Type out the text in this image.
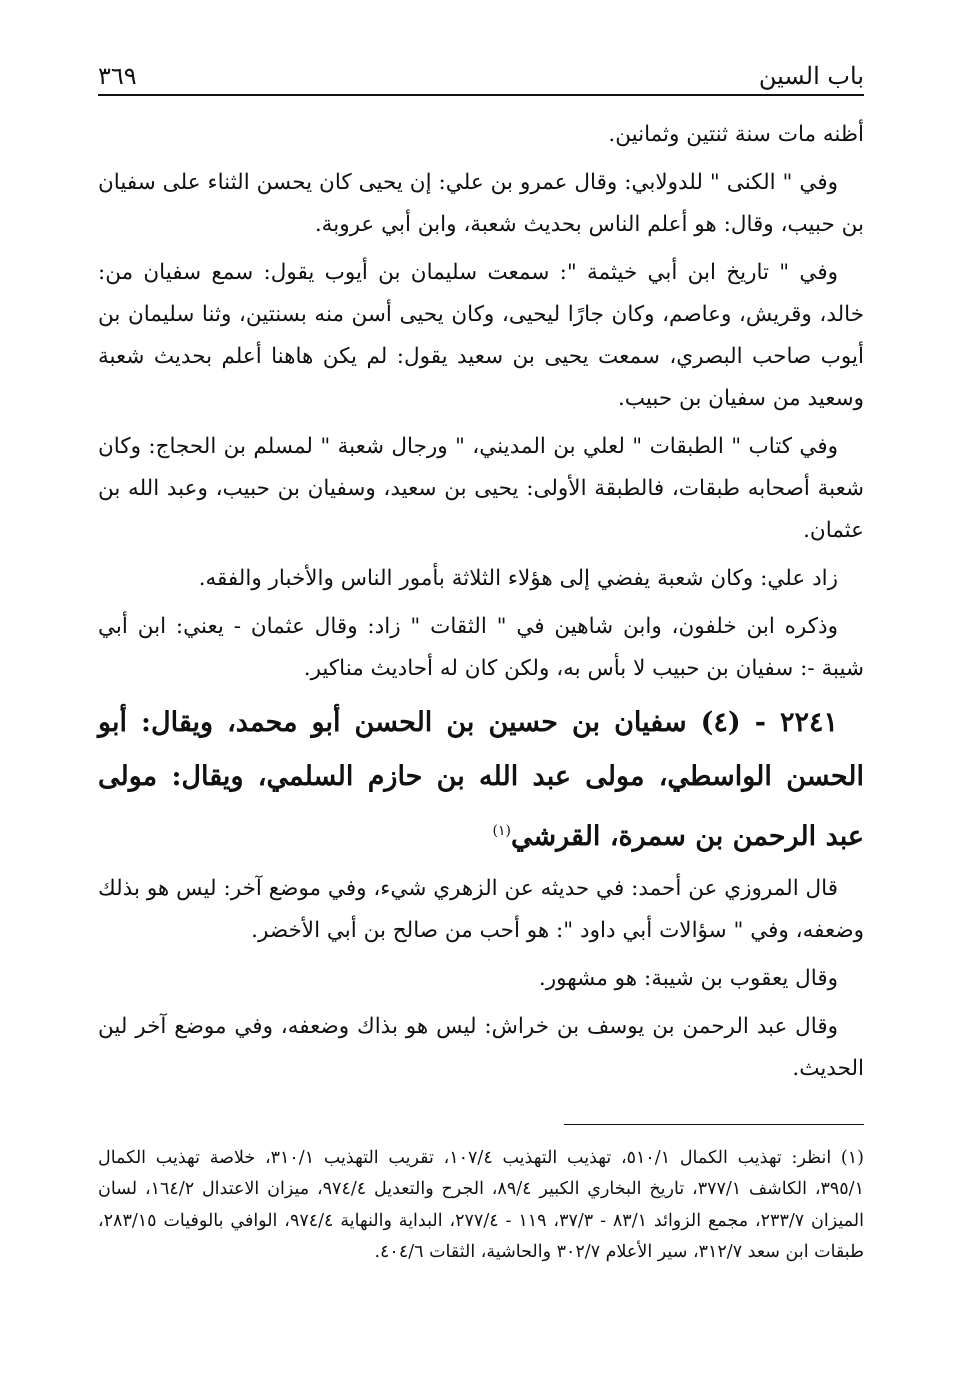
باب السين
٣٦٩

أظنه مات سنة ثنتين وثمانين.

وفي " الكنى " للدولابي: وقال عمرو بن علي: إن يحيى كان يحسن الثناء على سفيان بن حبيب، وقال: هو أعلم الناس بحديث شعبة، وابن أبي عروبة.

وفي " تاريخ ابن أبي خيثمة ": سمعت سليمان بن أيوب يقول: سمع سفيان من: خالد، وقريش، وعاصم، وكان جارًا ليحيى، وكان يحيى أسن منه بسنتين، وثنا سليمان بن أيوب صاحب البصري، سمعت يحيى بن سعيد يقول: لم يكن هاهنا أعلم بحديث شعبة وسعيد من سفيان بن حبيب.

وفي كتاب " الطبقات " لعلي بن المديني، " ورجال شعبة " لمسلم بن الحجاج: وكان شعبة أصحابه طبقات، فالطبقة الأولى: يحيى بن سعيد، وسفيان بن حبيب، وعبد الله بن عثمان.

زاد علي: وكان شعبة يفضي إلى هؤلاء الثلاثة بأمور الناس والأخبار والفقه.

وذكره ابن خلفون، وابن شاهين في " الثقات " زاد: وقال عثمان - يعني: ابن أبي شيبة -: سفيان بن حبيب لا بأس به، ولكن كان له أحاديث مناكير.

٢٢٤١ - (٤) سفيان بن حسين بن الحسن أبو محمد، ويقال: أبو الحسن الواسطي، مولى عبد الله بن حازم السلمي، ويقال: مولى عبد الرحمن بن سمرة، القرشي$^{(١)}$

قال المروزي عن أحمد: في حديثه عن الزهري شيء، وفي موضع آخر: ليس هو بذلك وضعفه، وفي " سؤالات أبي داود ": هو أحب من صالح بن أبي الأخضر.

وقال يعقوب بن شيبة: هو مشهور.

وقال عبد الرحمن بن يوسف بن خراش: ليس هو بذاك وضعفه، وفي موضع آخر لين الحديث.

(١) انظر: تهذيب الكمال ٥١٠/١، تهذيب التهذيب ١٠٧/٤، تقريب التهذيب ٣١٠/١، خلاصة تهذيب الكمال ٣٩٥/١، الكاشف ٣٧٧/١، تاريخ البخاري الكبير ٨٩/٤، الجرح والتعديل ٩٧٤/٤، ميزان الاعتدال ١٦٤/٢، لسان الميزان ٢٣٣/٧، مجمع الزوائد ٨٣/١ - ٣٧/٣، ١١٩ - ٢٧٧/٤، البداية والنهاية ٩٧٤/٤، الوافي بالوفيات ٢٨٣/١٥، طبقات ابن سعد ٣١٢/٧، سير الأعلام ٣٠٢/٧ والحاشية، الثقات ٤٠٤/٦.
